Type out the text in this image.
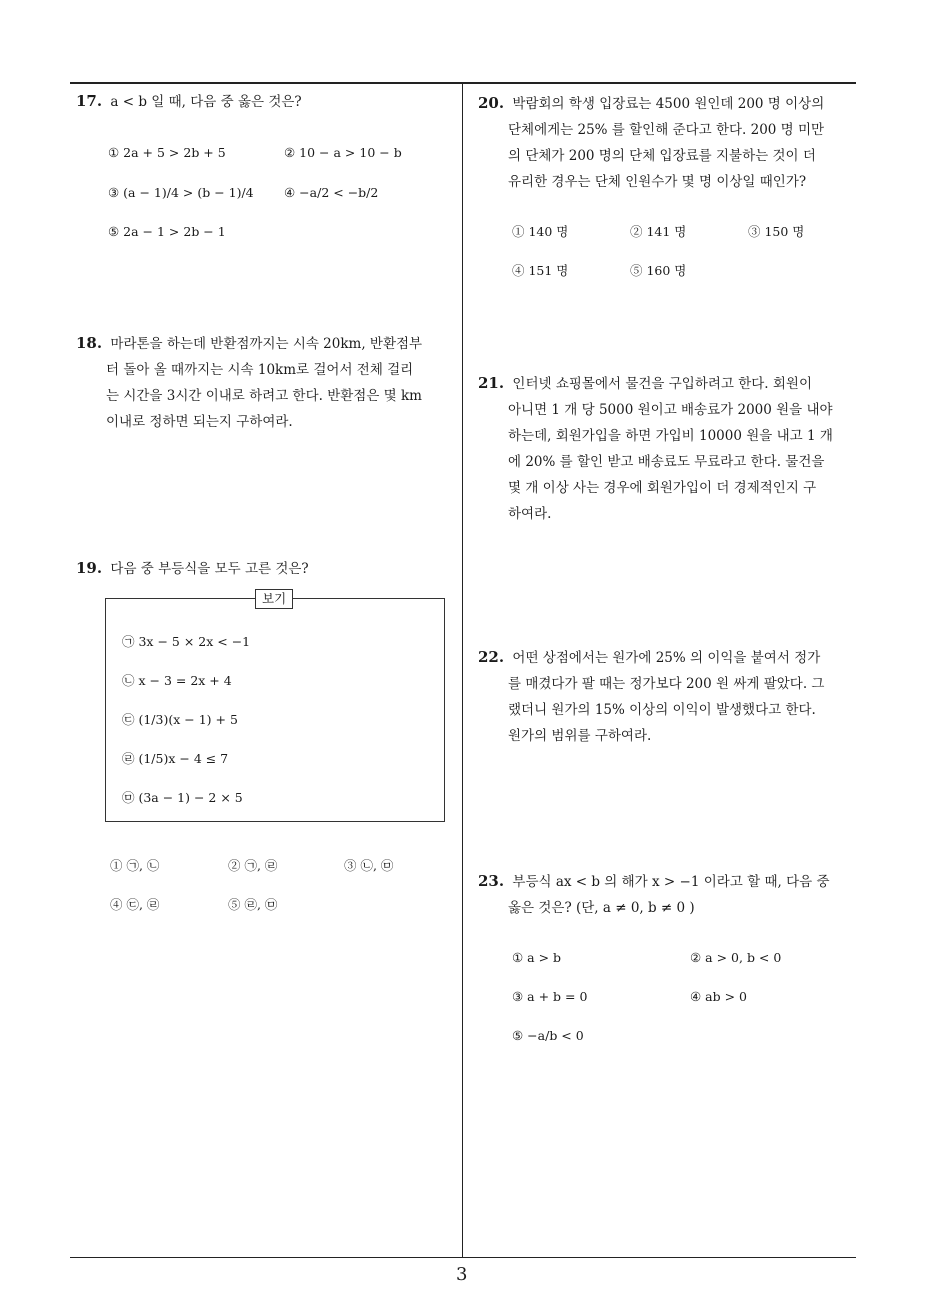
17. a < b 일 때, 다음 중 옳은 것은?
① 2a + 5 > 2b + 5	② 10 − a > 10 − b
③ (a − 1)/4 > (b − 1)/4 ④ −a/2 < −b/2
⑤ 2a − 1 > 2b − 1
18. 마라톤을 하는데 반환점까지는 시속 20km, 반환점부
터 돌아 올 때까지는 시속 10km로 걸어서 전체 걸리
는 시간을 3시간 이내로 하려고 한다. 반환점은 몇 km
이내로 정하면 되는지 구하여라.
19. 다음 중 부등식을 모두 고른 것은?
보기
㉠ 3x − 5 × 2x < −1
㉡ x − 3 = 2x + 4
㉢ (1/3)(x − 1) + 5
㉣ (1/5)x − 4 ≤ 7
㉤ (3a − 1) − 2 × 5
① ㉠, ㉡	② ㉠, ㉣	③ ㉡, ㉤
④ ㉢, ㉣	⑤ ㉣, ㉤
20. 박람회의 학생 입장료는 4500 원인데 200 명 이상의
단체에게는 25% 를 할인해 준다고 한다. 200 명 미만
의 단체가 200 명의 단체 입장료를 지불하는 것이 더
유리한 경우는 단체 인원수가 몇 명 이상일 때인가?
① 140 명	② 141 명	③ 150 명
④ 151 명	⑤ 160 명
21. 인터넷 쇼핑몰에서 물건을 구입하려고 한다. 회원이
아니면 1 개 당 5000 원이고 배송료가 2000 원을 내야
하는데, 회원가입을 하면 가입비 10000 원을 내고 1 개
에 20% 를 할인 받고 배송료도 무료라고 한다. 물건을
몇 개 이상 사는 경우에 회원가입이 더 경제적인지 구
하여라.
22. 어떤 상점에서는 원가에 25% 의 이익을 붙여서 정가
를 매겼다가 팔 때는 정가보다 200 원 싸게 팔았다. 그
랬더니 원가의 15% 이상의 이익이 발생했다고 한다.
원가의 범위를 구하여라.
23. 부등식 ax < b 의 해가 x > −1 이라고 할 때, 다음 중
옳은 것은? (단, a ≠ 0, b ≠ 0 )
① a > b	② a > 0, b < 0
③ a + b = 0	④ ab > 0
⑤ −a/b < 0
3
